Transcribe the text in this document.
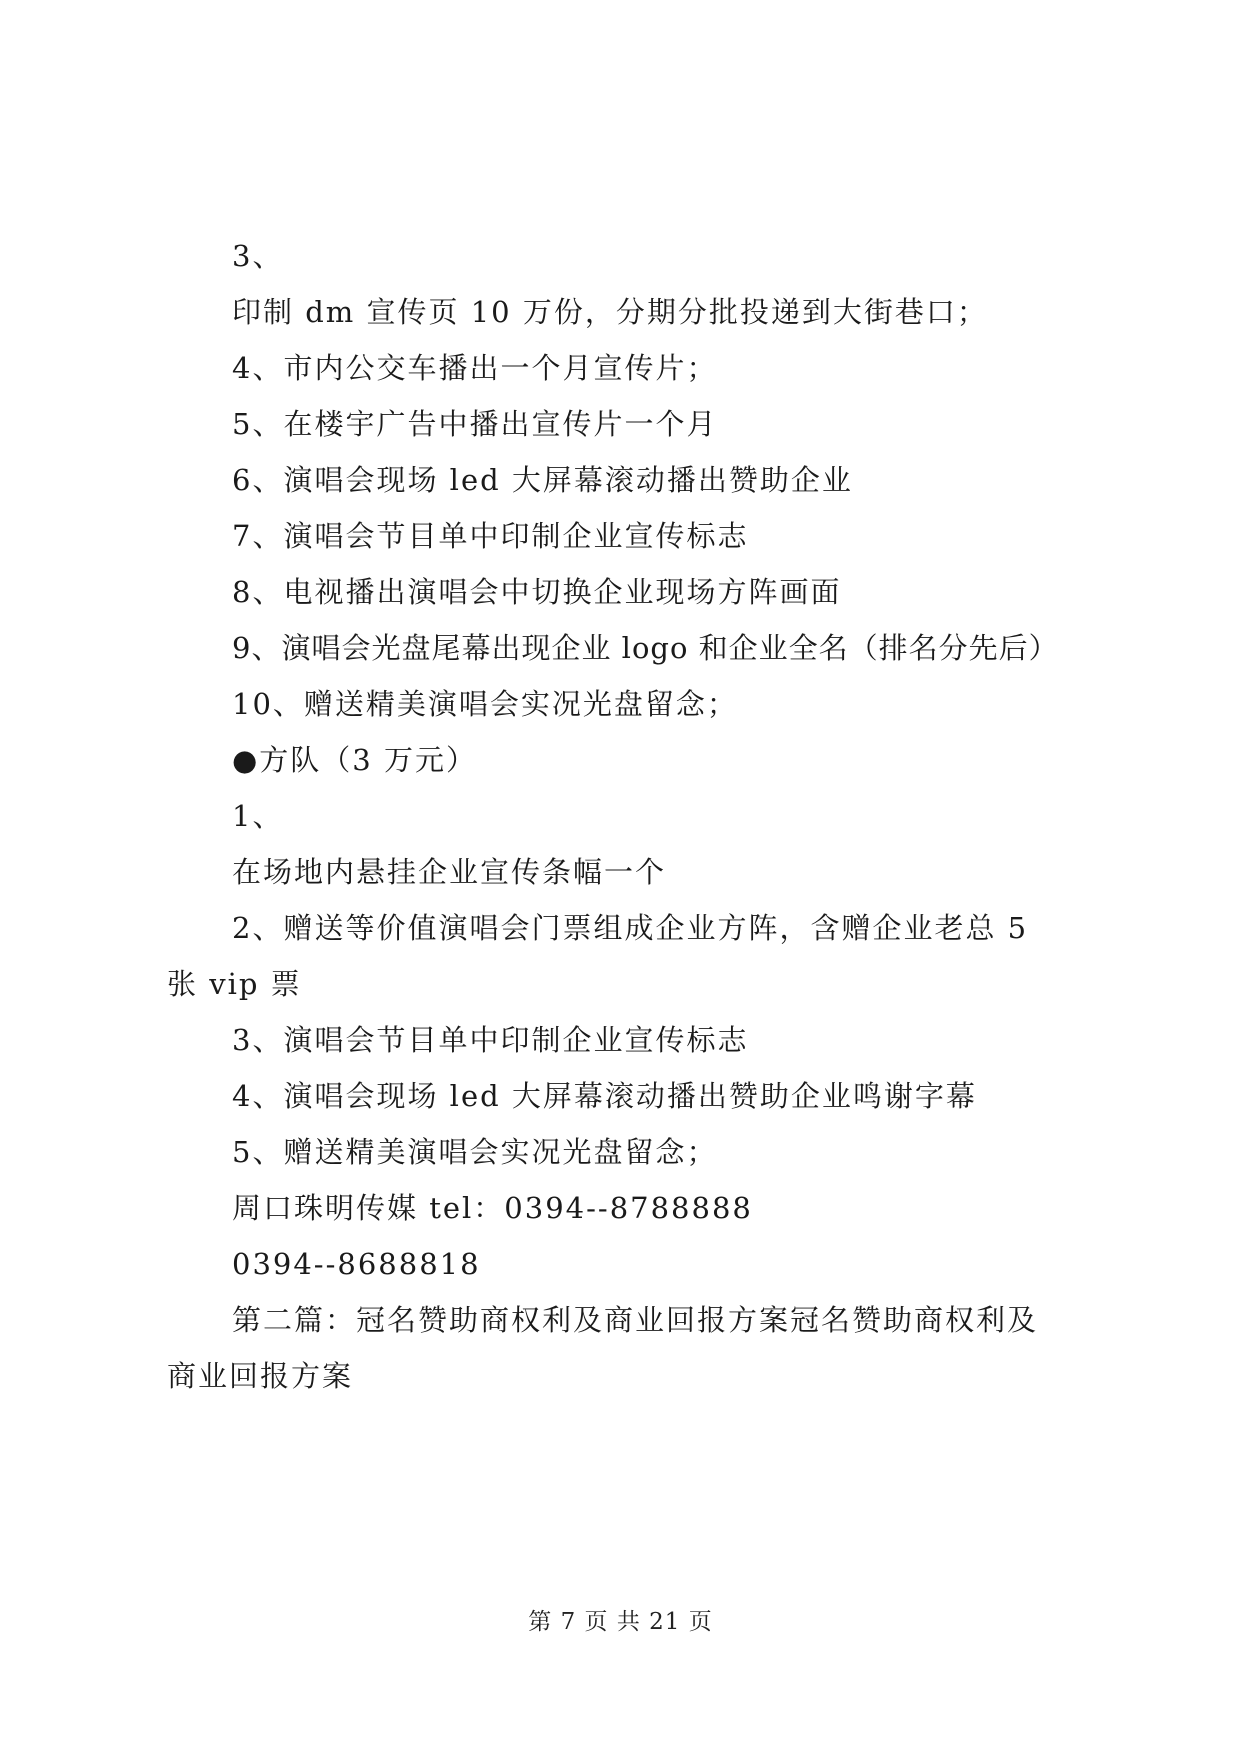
3、
印制 dm 宣传页 10 万份，分期分批投递到大街巷口；
4、市内公交车播出一个月宣传片；
5、在楼宇广告中播出宣传片一个月
6、演唱会现场 led 大屏幕滚动播出赞助企业
7、演唱会节目单中印制企业宣传标志
8、电视播出演唱会中切换企业现场方阵画面
9、演唱会光盘尾幕出现企业 logo 和企业全名（排名分先后）
10、赠送精美演唱会实况光盘留念；
●方队（3 万元）
1、
在场地内悬挂企业宣传条幅一个
2、赠送等价值演唱会门票组成企业方阵，含赠企业老总 5
张 vip 票
3、演唱会节目单中印制企业宣传标志
4、演唱会现场 led 大屏幕滚动播出赞助企业鸣谢字幕
5、赠送精美演唱会实况光盘留念；
周口珠明传媒 tel：0394--8788888
0394--8688818
第二篇：冠名赞助商权利及商业回报方案冠名赞助商权利及
商业回报方案
第 7 页 共 21 页
